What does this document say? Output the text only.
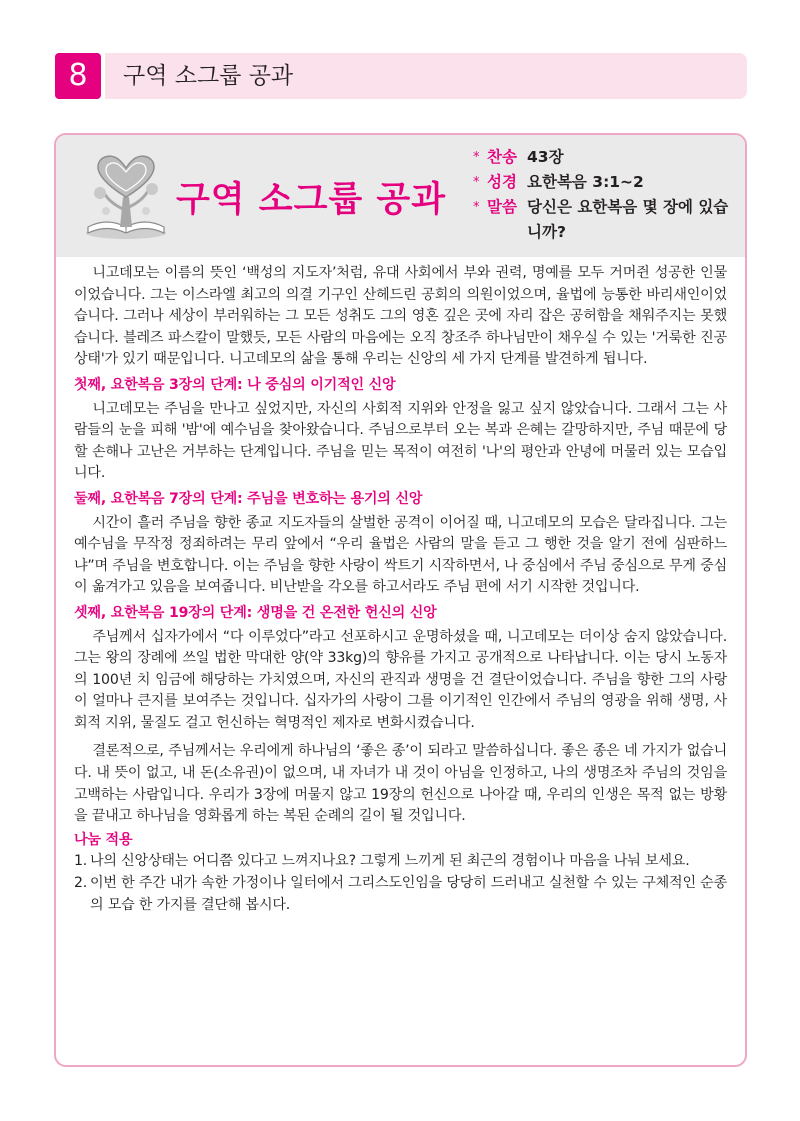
8	구역 소그룹 공과
구역 소그룹 공과
* 찬송 43장
* 성경 요한복음 3:1~2
* 말씀 당신은 요한복음 몇 장에 있습니까?

니고데모는 이름의 뜻인 ‘백성의 지도자’처럼, 유대 사회에서 부와 권력, 명예를 모두 거머쥔 성공한 인물이었습니다. 그는 이스라엘 최고의 의결 기구인 산헤드린 공회의 의원이었으며, 율법에 능통한 바리새인이었습니다. 그러나 세상이 부러워하는 그 모든 성취도 그의 영혼 깊은 곳에 자리 잡은 공허함을 채워주지는 못했습니다. 블레즈 파스칼이 말했듯, 모든 사람의 마음에는 오직 창조주 하나님만이 채우실 수 있는 '거룩한 진공 상태'가 있기 때문입니다. 니고데모의 삶을 통해 우리는 신앙의 세 가지 단계를 발견하게 됩니다.

첫째, 요한복음 3장의 단계: 나 중심의 이기적인 신앙

니고데모는 주님을 만나고 싶었지만, 자신의 사회적 지위와 안정을 잃고 싶지 않았습니다. 그래서 그는 사람들의 눈을 피해 '밤'에 예수님을 찾아왔습니다. 주님으로부터 오는 복과 은혜는 갈망하지만, 주님 때문에 당할 손해나 고난은 거부하는 단계입니다. 주님을 믿는 목적이 여전히 '나'의 평안과 안녕에 머물러 있는 모습입니다.

둘째, 요한복음 7장의 단계: 주님을 변호하는 용기의 신앙

시간이 흘러 주님을 향한 종교 지도자들의 살벌한 공격이 이어질 때, 니고데모의 모습은 달라집니다. 그는 예수님을 무작정 정죄하려는 무리 앞에서 “우리 율법은 사람의 말을 듣고 그 행한 것을 알기 전에 심판하느냐”며 주님을 변호합니다. 이는 주님을 향한 사랑이 싹트기 시작하면서, 나 중심에서 주님 중심으로 무게 중심이 옮겨가고 있음을 보여줍니다. 비난받을 각오를 하고서라도 주님 편에 서기 시작한 것입니다.

셋째, 요한복음 19장의 단계: 생명을 건 온전한 헌신의 신앙

주님께서 십자가에서 “다 이루었다”라고 선포하시고 운명하셨을 때, 니고데모는 더이상 숨지 않았습니다. 그는 왕의 장례에 쓰일 법한 막대한 양(약 33kg)의 향유를 가지고 공개적으로 나타납니다. 이는 당시 노동자의 100년 치 임금에 해당하는 가치였으며, 자신의 관직과 생명을 건 결단이었습니다. 주님을 향한 그의 사랑이 얼마나 큰지를 보여주는 것입니다. 십자가의 사랑이 그를 이기적인 인간에서 주님의 영광을 위해 생명, 사회적 지위, 물질도 걸고 헌신하는 혁명적인 제자로 변화시켰습니다.

결론적으로, 주님께서는 우리에게 하나님의 ‘좋은 종’이 되라고 말씀하십니다. 좋은 종은 네 가지가 없습니다. 내 뜻이 없고, 내 돈(소유권)이 없으며, 내 자녀가 내 것이 아님을 인정하고, 나의 생명조차 주님의 것임을 고백하는 사람입니다. 우리가 3장에 머물지 않고 19장의 헌신으로 나아갈 때, 우리의 인생은 목적 없는 방황을 끝내고 하나님을 영화롭게 하는 복된 순례의 길이 될 것입니다.

나눔 적용
1. 나의 신앙상태는 어디쯤 있다고 느껴지나요? 그렇게 느끼게 된 최근의 경험이나 마음을 나눠 보세요.
2. 이번 한 주간 내가 속한 가정이나 일터에서 그리스도인임을 당당히 드러내고 실천할 수 있는 구체적인 순종의 모습 한 가지를 결단해 봅시다.
